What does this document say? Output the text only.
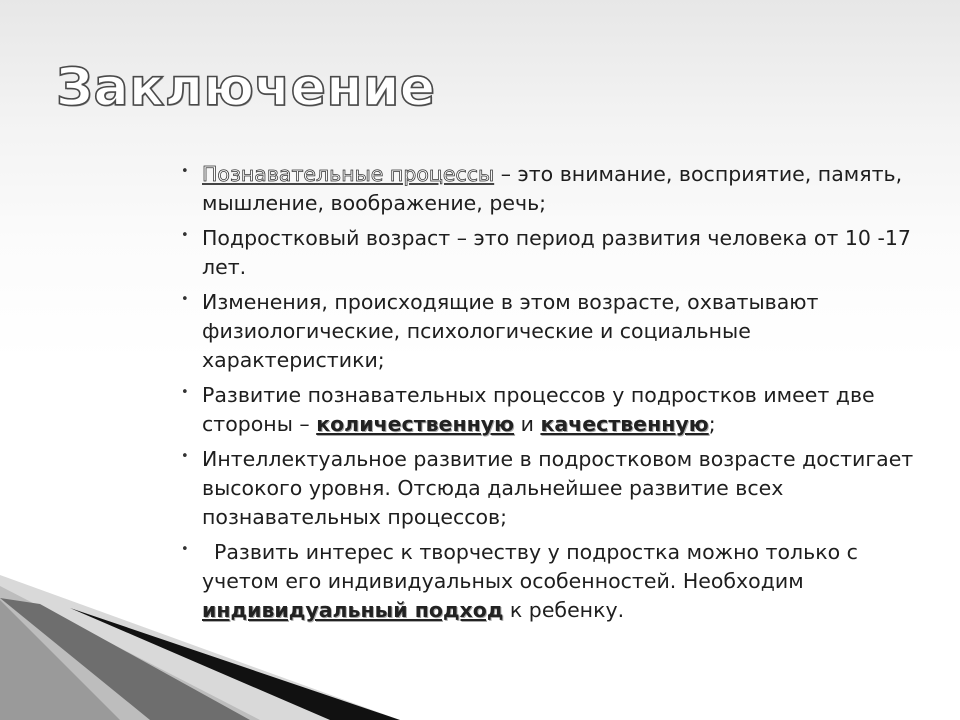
Заключение
• Познавательные процессы – это внимание, восприятие, память, мышление, воображение, речь;
• Подростковый возраст – это период развития человека от 10 -17 лет.
• Изменения, происходящие в этом возрасте, охватывают физиологические, психологические и социальные характеристики;
• Развитие познавательных процессов у подростков имеет две стороны – количественную и качественную;
• Интеллектуальное развитие в подростковом возрасте достигает высокого уровня. Отсюда дальнейшее развитие всех познавательных процессов;
• Развить интерес к творчеству у подростка можно только с учетом его индивидуальных особенностей. Необходим индивидуальный подход к ребенку.
